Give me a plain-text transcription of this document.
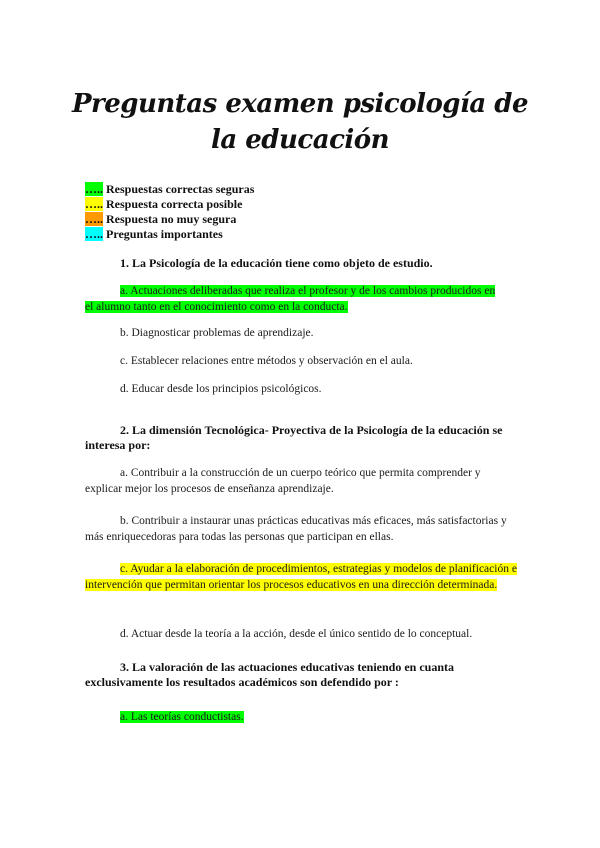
Preguntas examen psicología de la educación
….. Respuestas correctas seguras
….. Respuesta correcta posible
….. Respuesta no muy segura
….. Preguntas importantes
1. La Psicología de la educación tiene como objeto de estudio.
a. Actuaciones deliberadas que realiza el profesor y de los cambios producidos en el alumno tanto en el conocimiento como en la conducta.
b. Diagnosticar problemas de aprendizaje.
c. Establecer relaciones entre métodos y observación en el aula.
d. Educar desde los principios psicológicos.
2. La dimensión Tecnológica- Proyectiva de la Psicología de la educación se interesa por:
a. Contribuir a la construcción de un cuerpo teórico que permita comprender y explicar mejor los procesos de enseñanza aprendizaje.
b. Contribuir a instaurar unas prácticas educativas más eficaces, más satisfactorias y más enriquecedoras para todas las personas que participan en ellas.
c. Ayudar a la elaboración de procedimientos, estrategias y modelos de planificación e intervención que permitan orientar los procesos educativos en una dirección determinada.
d. Actuar desde la teoría a la acción, desde el único sentido de lo conceptual.
3. La valoración de las actuaciones educativas teniendo en cuanta exclusivamente los resultados académicos son defendido por :
a. Las teorías conductistas.
